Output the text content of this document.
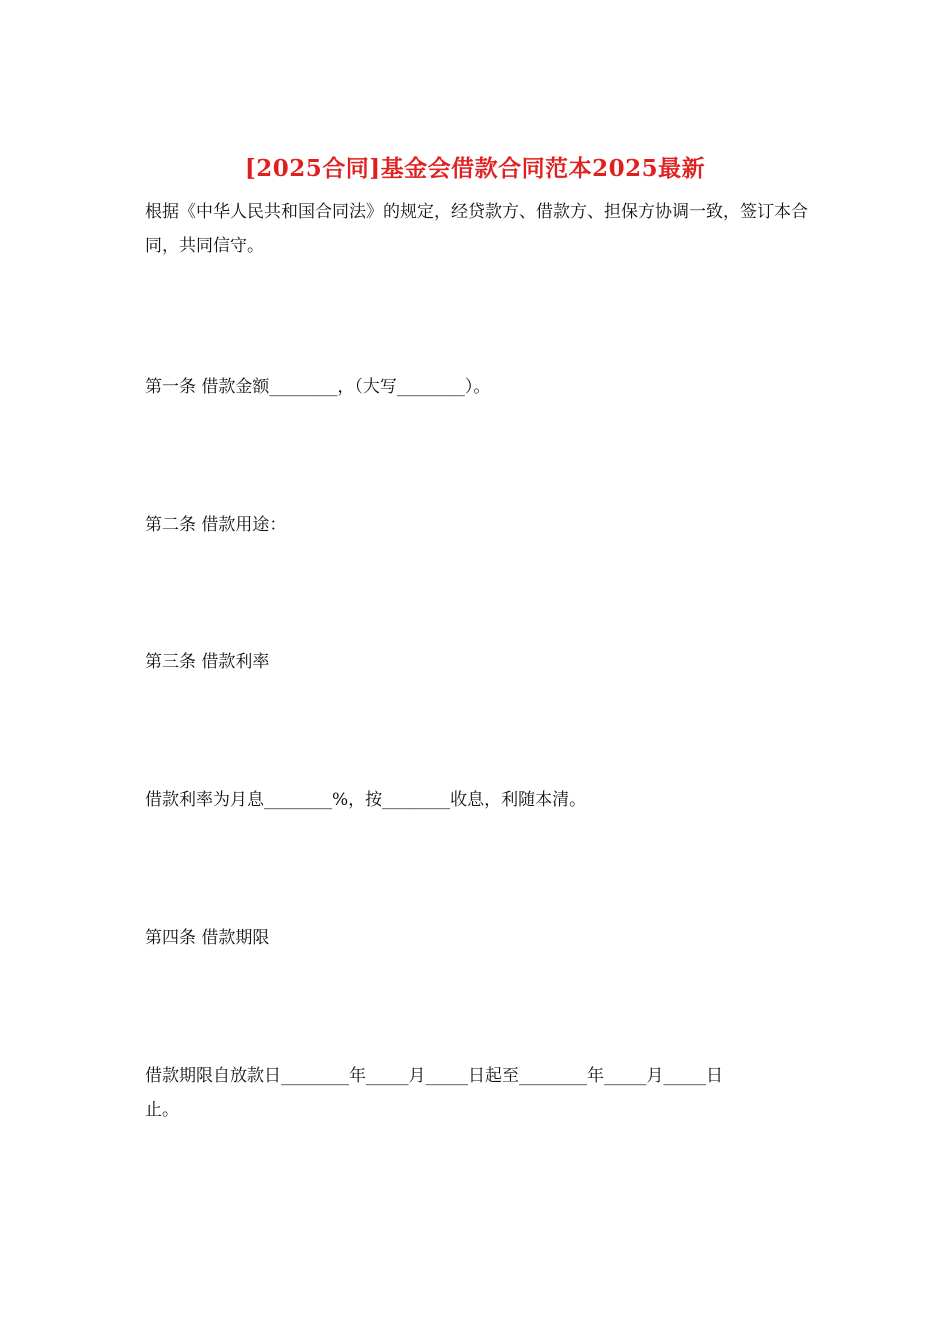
[2025合同]基金会借款合同范本2025最新
根据《中华人民共和国合同法》的规定，经贷款方、借款方、担保方协调一致，签订本合同，共同信守。
第一条 借款金额________，（大写________）。
第二条 借款用途：
第三条 借款利率
借款利率为月息________%，按________收息，利随本清。
第四条 借款期限
借款期限自放款日________年_____月_____日起至________年_____月_____日
止。
